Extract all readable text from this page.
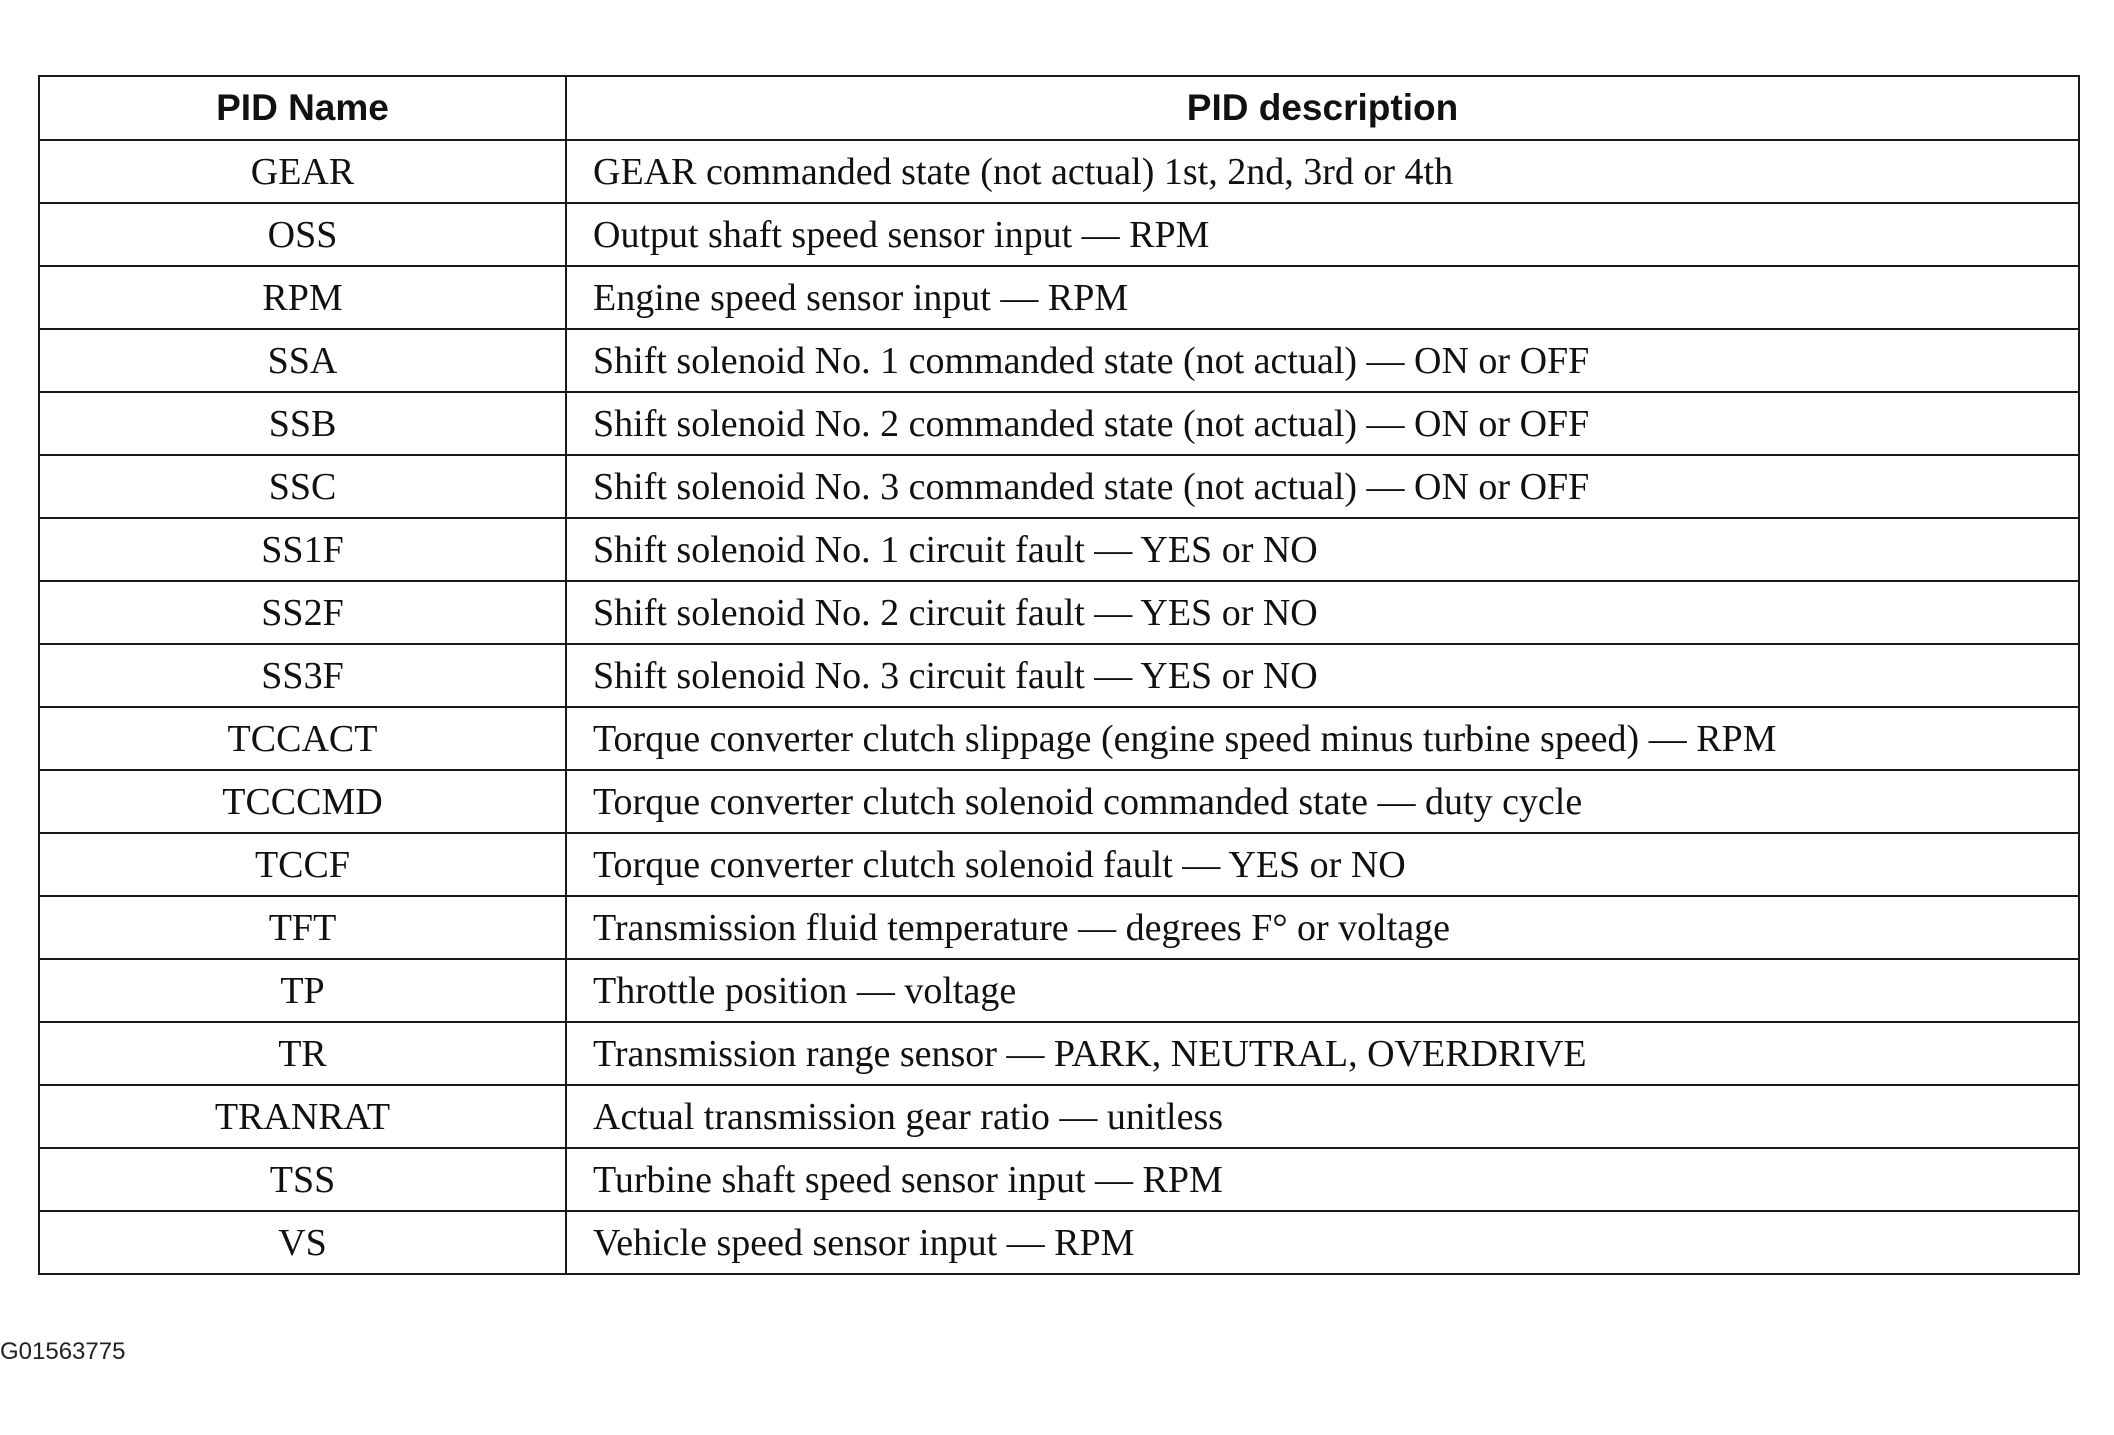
PID Name	PID description
GEAR	GEAR commanded state (not actual) 1st, 2nd, 3rd or 4th
OSS	Output shaft speed sensor input — RPM
RPM	Engine speed sensor input — RPM
SSA	Shift solenoid No. 1 commanded state (not actual) — ON or OFF
SSB	Shift solenoid No. 2 commanded state (not actual) — ON or OFF
SSC	Shift solenoid No. 3 commanded state (not actual) — ON or OFF
SS1F	Shift solenoid No. 1 circuit fault — YES or NO
SS2F	Shift solenoid No. 2 circuit fault — YES or NO
SS3F	Shift solenoid No. 3 circuit fault — YES or NO
TCCACT	Torque converter clutch slippage (engine speed minus turbine speed) — RPM
TCCCMD	Torque converter clutch solenoid commanded state — duty cycle
TCCF	Torque converter clutch solenoid fault — YES or NO
TFT	Transmission fluid temperature — degrees F° or voltage
TP	Throttle position — voltage
TR	Transmission range sensor — PARK, NEUTRAL, OVERDRIVE
TRANRAT	Actual transmission gear ratio — unitless
TSS	Turbine shaft speed sensor input — RPM
VS	Vehicle speed sensor input — RPM
G01563775
